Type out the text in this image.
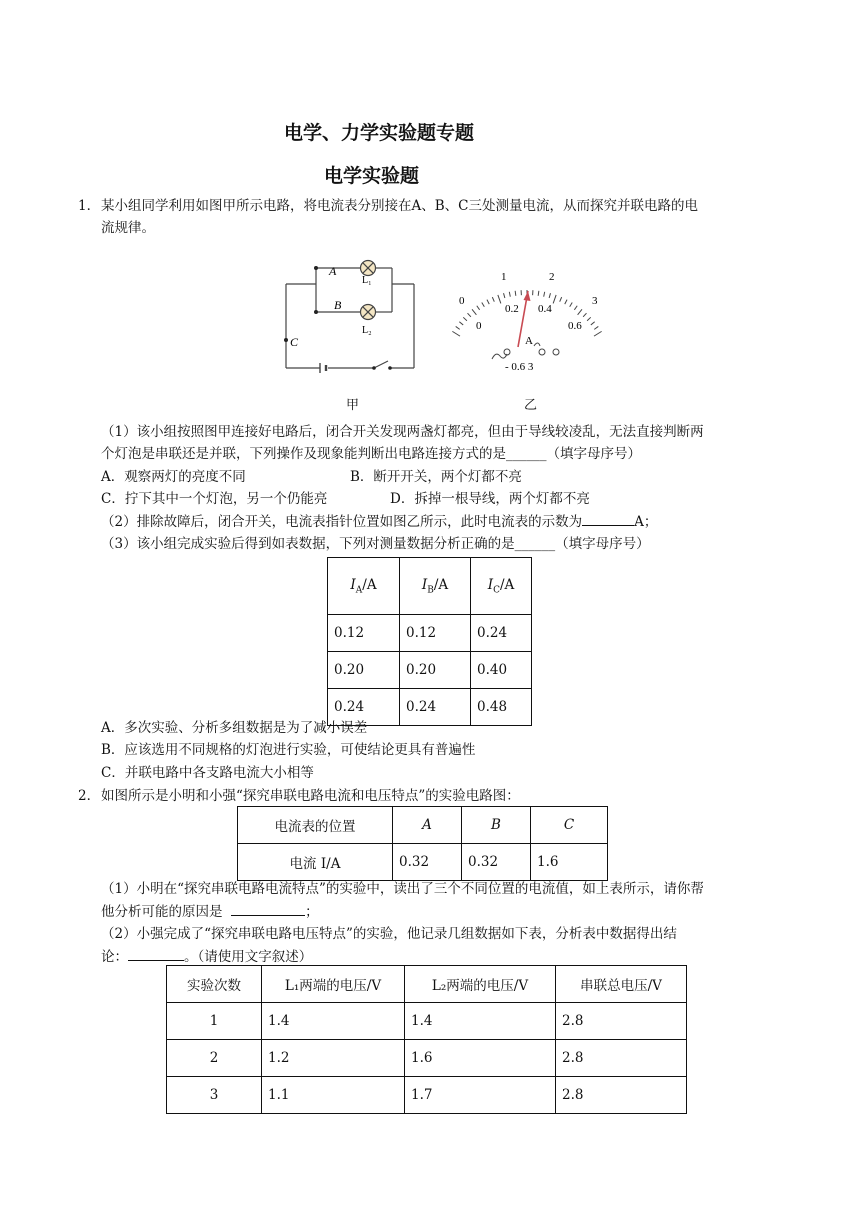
电学、力学实验题专题
电学实验题
1． 某小组同学利用如图甲所示电路，将电流表分别接在A、B、C三处测量电流，从而探究并联电路的电
流规律。
A
B
C
L₁
L₂
0
1	2
3
0
0.2 0.4
0.6
A
- 0.6 3
甲	乙
（1）该小组按照图甲连接好电路后，闭合开关发现两盏灯都亮，但由于导线较凌乱，无法直接判断两
个灯泡是串联还是并联，下列操作及现象能判断出电路连接方式的是______（填字母序号）
A．观察两灯的亮度不同	B．断开开关，两个灯都不亮
C．拧下其中一个灯泡，另一个仍能亮	D．拆掉一根导线，两个灯都不亮
（2）排除故障后，闭合开关，电流表指针位置如图乙所示，此时电流表的示数为	A；
（3）该小组完成实验后得到如表数据，下列对测量数据分析正确的是______（填字母序号）
$I_A/A$	$I_B/A$	$I_C/A$
0.12	0.12	0.24
0.20	0.20	0.40
0.24	0.24	0.48
A．多次实验、分析多组数据是为了减小误差
B．应该选用不同规格的灯泡进行实验，可使结论更具有普遍性
C．并联电路中各支路电流大小相等
2． 如图所示是小明和小强“探究串联电路电流和电压特点”的实验电路图：
电流表的位置	A	B	C
电流 I/A	0.32	0.32	1.6
（1）小明在“探究串联电路电流特点”的实验中，读出了三个不同位置的电流值，如上表所示，请你帮
他分析可能的原因是	；
（2）小强完成了“探究串联电路电压特点”的实验，他记录几组数据如下表，分析表中数据得出结
论：	。（请使用文字叙述）
实验次数	L₁两端的电压/V	L₂两端的电压/V	串联总电压/V
1	1.4	1.4	2.8
2	1.2	1.6	2.8
3	1.1	1.7	2.8
